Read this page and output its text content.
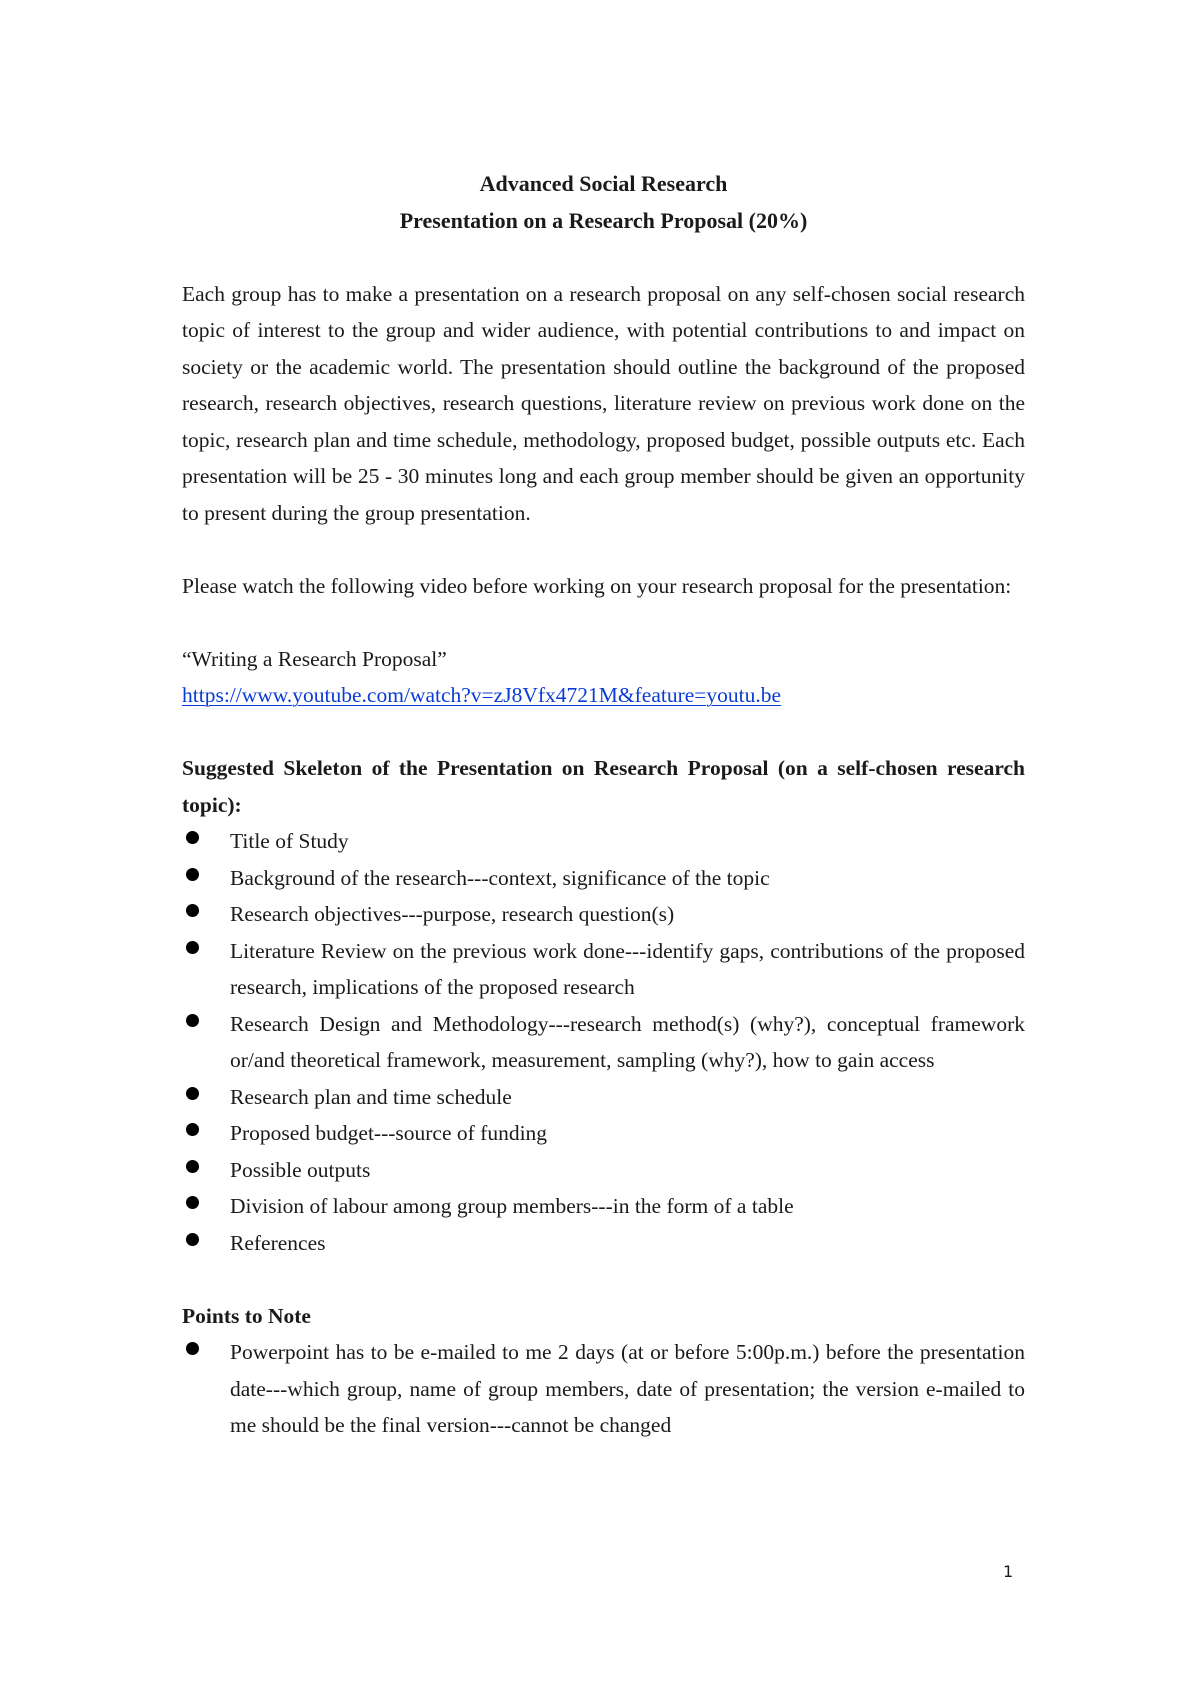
Advanced Social Research
Presentation on a Research Proposal (20%)

Each group has to make a presentation on a research proposal on any self-chosen social research topic of interest to the group and wider audience, with potential contributions to and impact on society or the academic world. The presentation should outline the background of the proposed research, research objectives, research questions, literature review on previous work done on the topic, research plan and time schedule, methodology, proposed budget, possible outputs etc. Each presentation will be 25 - 30 minutes long and each group member should be given an opportunity to present during the group presentation.

Please watch the following video before working on your research proposal for the presentation:

“Writing a Research Proposal”

https://www.youtube.com/watch?v=zJ8Vfx4721M&feature=youtu.be

Suggested Skeleton of the Presentation on Research Proposal (on a self-chosen research topic):

Title of Study
Background of the research---context, significance of the topic
Research objectives---purpose, research question(s)
Literature Review on the previous work done---identify gaps, contributions of the proposed research, implications of the proposed research
Research Design and Methodology---research method(s) (why?), conceptual framework or/and theoretical framework, measurement, sampling (why?), how to gain access
Research plan and time schedule
Proposed budget---source of funding
Possible outputs
Division of labour among group members---in the form of a table
References

Points to Note

Powerpoint has to be e-mailed to me 2 days (at or before 5:00p.m.) before the presentation date---which group, name of group members, date of presentation; the version e-mailed to me should be the final version---cannot be changed
1
